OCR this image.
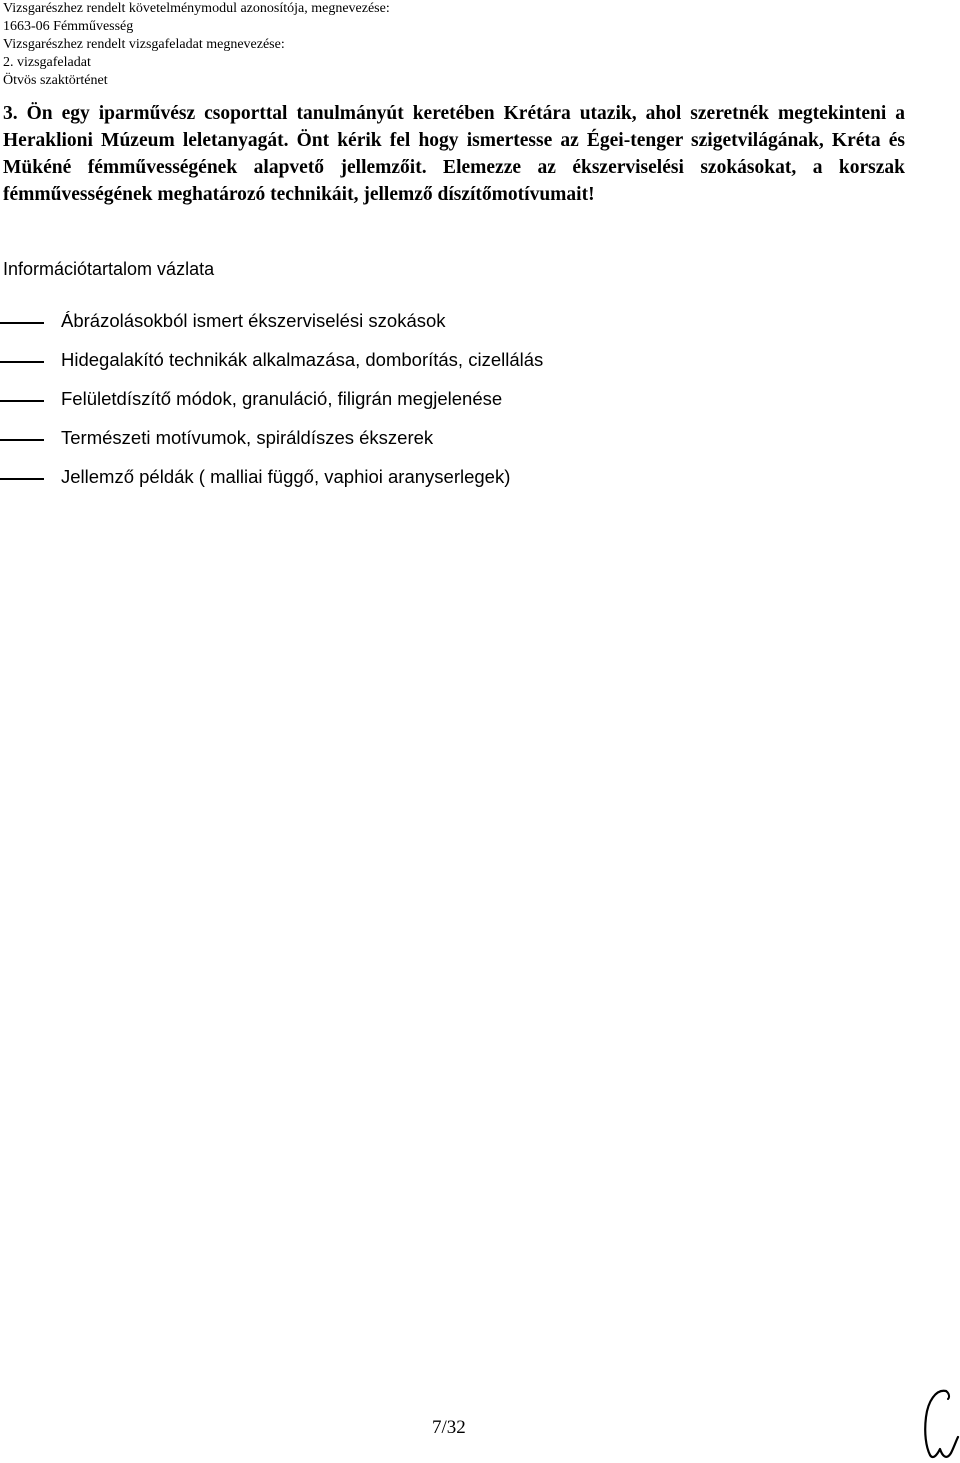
Vizsgarészhez rendelt követelménymodul azonosítója, megnevezése:
1663-06 Fémművesség
Vizsgarészhez rendelt vizsgafeladat megnevezése:
2. vizsgafeladat
Ötvös szaktörténet
3. Ön egy iparművész csoporttal tanulmányút keretében Krétára utazik, ahol szeretnék megtekinteni a Heraklioni Múzeum leletanyagát. Önt kérik fel hogy ismertesse az Égei-tenger szigetvilágának, Kréta és Mükéné fémművességének alapvető jellemzőit. Elemezze az ékszerviselési szokásokat, a korszak fémművességének meghatározó technikáit, jellemző díszítőmotívumait!
Információtartalom vázlata
Ábrázolásokból ismert ékszerviselési szokások
Hidegalakító technikák alkalmazása, domborítás, cizellálás
Felületdíszítő módok, granuláció, filigrán megjelenése
Természeti motívumok, spiráldíszes ékszerek
Jellemző példák ( malliai függő, vaphioi aranyserlegek)
7/32
